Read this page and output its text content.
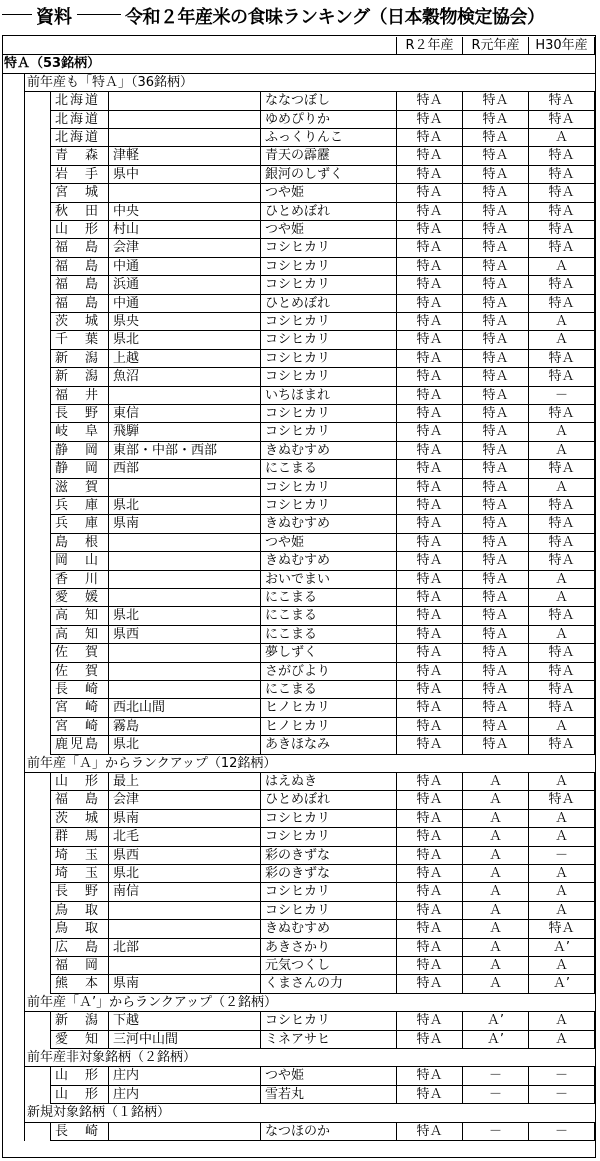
資料	令和２年産米の食味ランキング（日本穀物検定協会）
R２年産	R元年産	H30年産
特Ａ（53銘柄）
前年産も「特Ａ」（36銘柄）
北海道	ななつぼし	特Ａ	特Ａ	特Ａ
北海道	ゆめぴりか	特Ａ	特Ａ	特Ａ
北海道	ふっくりんこ	特Ａ	特Ａ	Ａ
青　森 津軽	青天の霹靂	特Ａ	特Ａ	特Ａ
岩　手 県中	銀河のしずく	特Ａ	特Ａ	特Ａ
宮　城	つや姫	特Ａ	特Ａ	特Ａ
秋　田 中央	ひとめぼれ	特Ａ	特Ａ	特Ａ
山　形 村山	つや姫	特Ａ	特Ａ	特Ａ
福　島 会津	コシヒカリ	特Ａ	特Ａ	特Ａ
福　島 中通	コシヒカリ	特Ａ	特Ａ	Ａ
福　島 浜通	コシヒカリ	特Ａ	特Ａ	特Ａ
福　島 中通	ひとめぼれ	特Ａ	特Ａ	特Ａ
茨　城 県央	コシヒカリ	特Ａ	特Ａ	Ａ
千　葉 県北	コシヒカリ	特Ａ	特Ａ	Ａ
新　潟 上越	コシヒカリ	特Ａ	特Ａ	特Ａ
新　潟 魚沼	コシヒカリ	特Ａ	特Ａ	特Ａ
福　井	いちほまれ	特Ａ	特Ａ	－
長　野 東信	コシヒカリ	特Ａ	特Ａ	特Ａ
岐　阜 飛騨	コシヒカリ	特Ａ	特Ａ	Ａ
静　岡 東部・中部・西部	きぬむすめ	特Ａ	特Ａ	Ａ
静　岡 西部	にこまる	特Ａ	特Ａ	特Ａ
滋　賀	コシヒカリ	特Ａ	特Ａ	Ａ
兵　庫 県北	コシヒカリ	特Ａ	特Ａ	特Ａ
兵　庫 県南	きぬむすめ	特Ａ	特Ａ	特Ａ
島　根	つや姫	特Ａ	特Ａ	特Ａ
岡　山	きぬむすめ	特Ａ	特Ａ	特Ａ
香　川	おいでまい	特Ａ	特Ａ	Ａ
愛　媛	にこまる	特Ａ	特Ａ	Ａ
高　知 県北	にこまる	特Ａ	特Ａ	特Ａ
高　知 県西	にこまる	特Ａ	特Ａ	Ａ
佐　賀	夢しずく	特Ａ	特Ａ	特Ａ
佐　賀	さがびより	特Ａ	特Ａ	特Ａ
長　崎	にこまる	特Ａ	特Ａ	特Ａ
宮　崎 西北山間	ヒノヒカリ	特Ａ	特Ａ	特Ａ
宮　崎 霧島	ヒノヒカリ	特Ａ	特Ａ	Ａ
鹿児島 県北	あきほなみ	特Ａ	特Ａ	特Ａ
前年産「Ａ」からランクアップ（12銘柄）
山　形 最上	はえぬき	特Ａ	Ａ	Ａ
福　島 会津	ひとめぼれ	特Ａ	Ａ	特Ａ
茨　城 県南	コシヒカリ	特Ａ	Ａ	Ａ
群　馬 北毛	コシヒカリ	特Ａ	Ａ	Ａ
埼　玉 県西	彩のきずな	特Ａ	Ａ	－
埼　玉 県北	彩のきずな	特Ａ	Ａ	Ａ
長　野 南信	コシヒカリ	特Ａ	Ａ	Ａ
鳥　取	コシヒカリ	特Ａ	Ａ	Ａ
鳥　取	きぬむすめ	特Ａ	Ａ	特Ａ
広　島 北部	あきさかり	特Ａ	Ａ	Ａ’
福　岡	元気つくし	特Ａ	Ａ	Ａ
熊　本 県南	くまさんの力	特Ａ	Ａ	Ａ’
前年産「Ａ’」からランクアップ（２銘柄）
新　潟 下越	コシヒカリ	特Ａ	Ａ’	Ａ
愛　知 三河中山間	ミネアサヒ	特Ａ	Ａ’	Ａ
前年産非対象銘柄（２銘柄）
山　形 庄内	つや姫	特Ａ	－	－
山　形 庄内	雪若丸	特Ａ	－	－
新規対象銘柄（１銘柄）
長　崎	なつほのか	特Ａ	－	－
